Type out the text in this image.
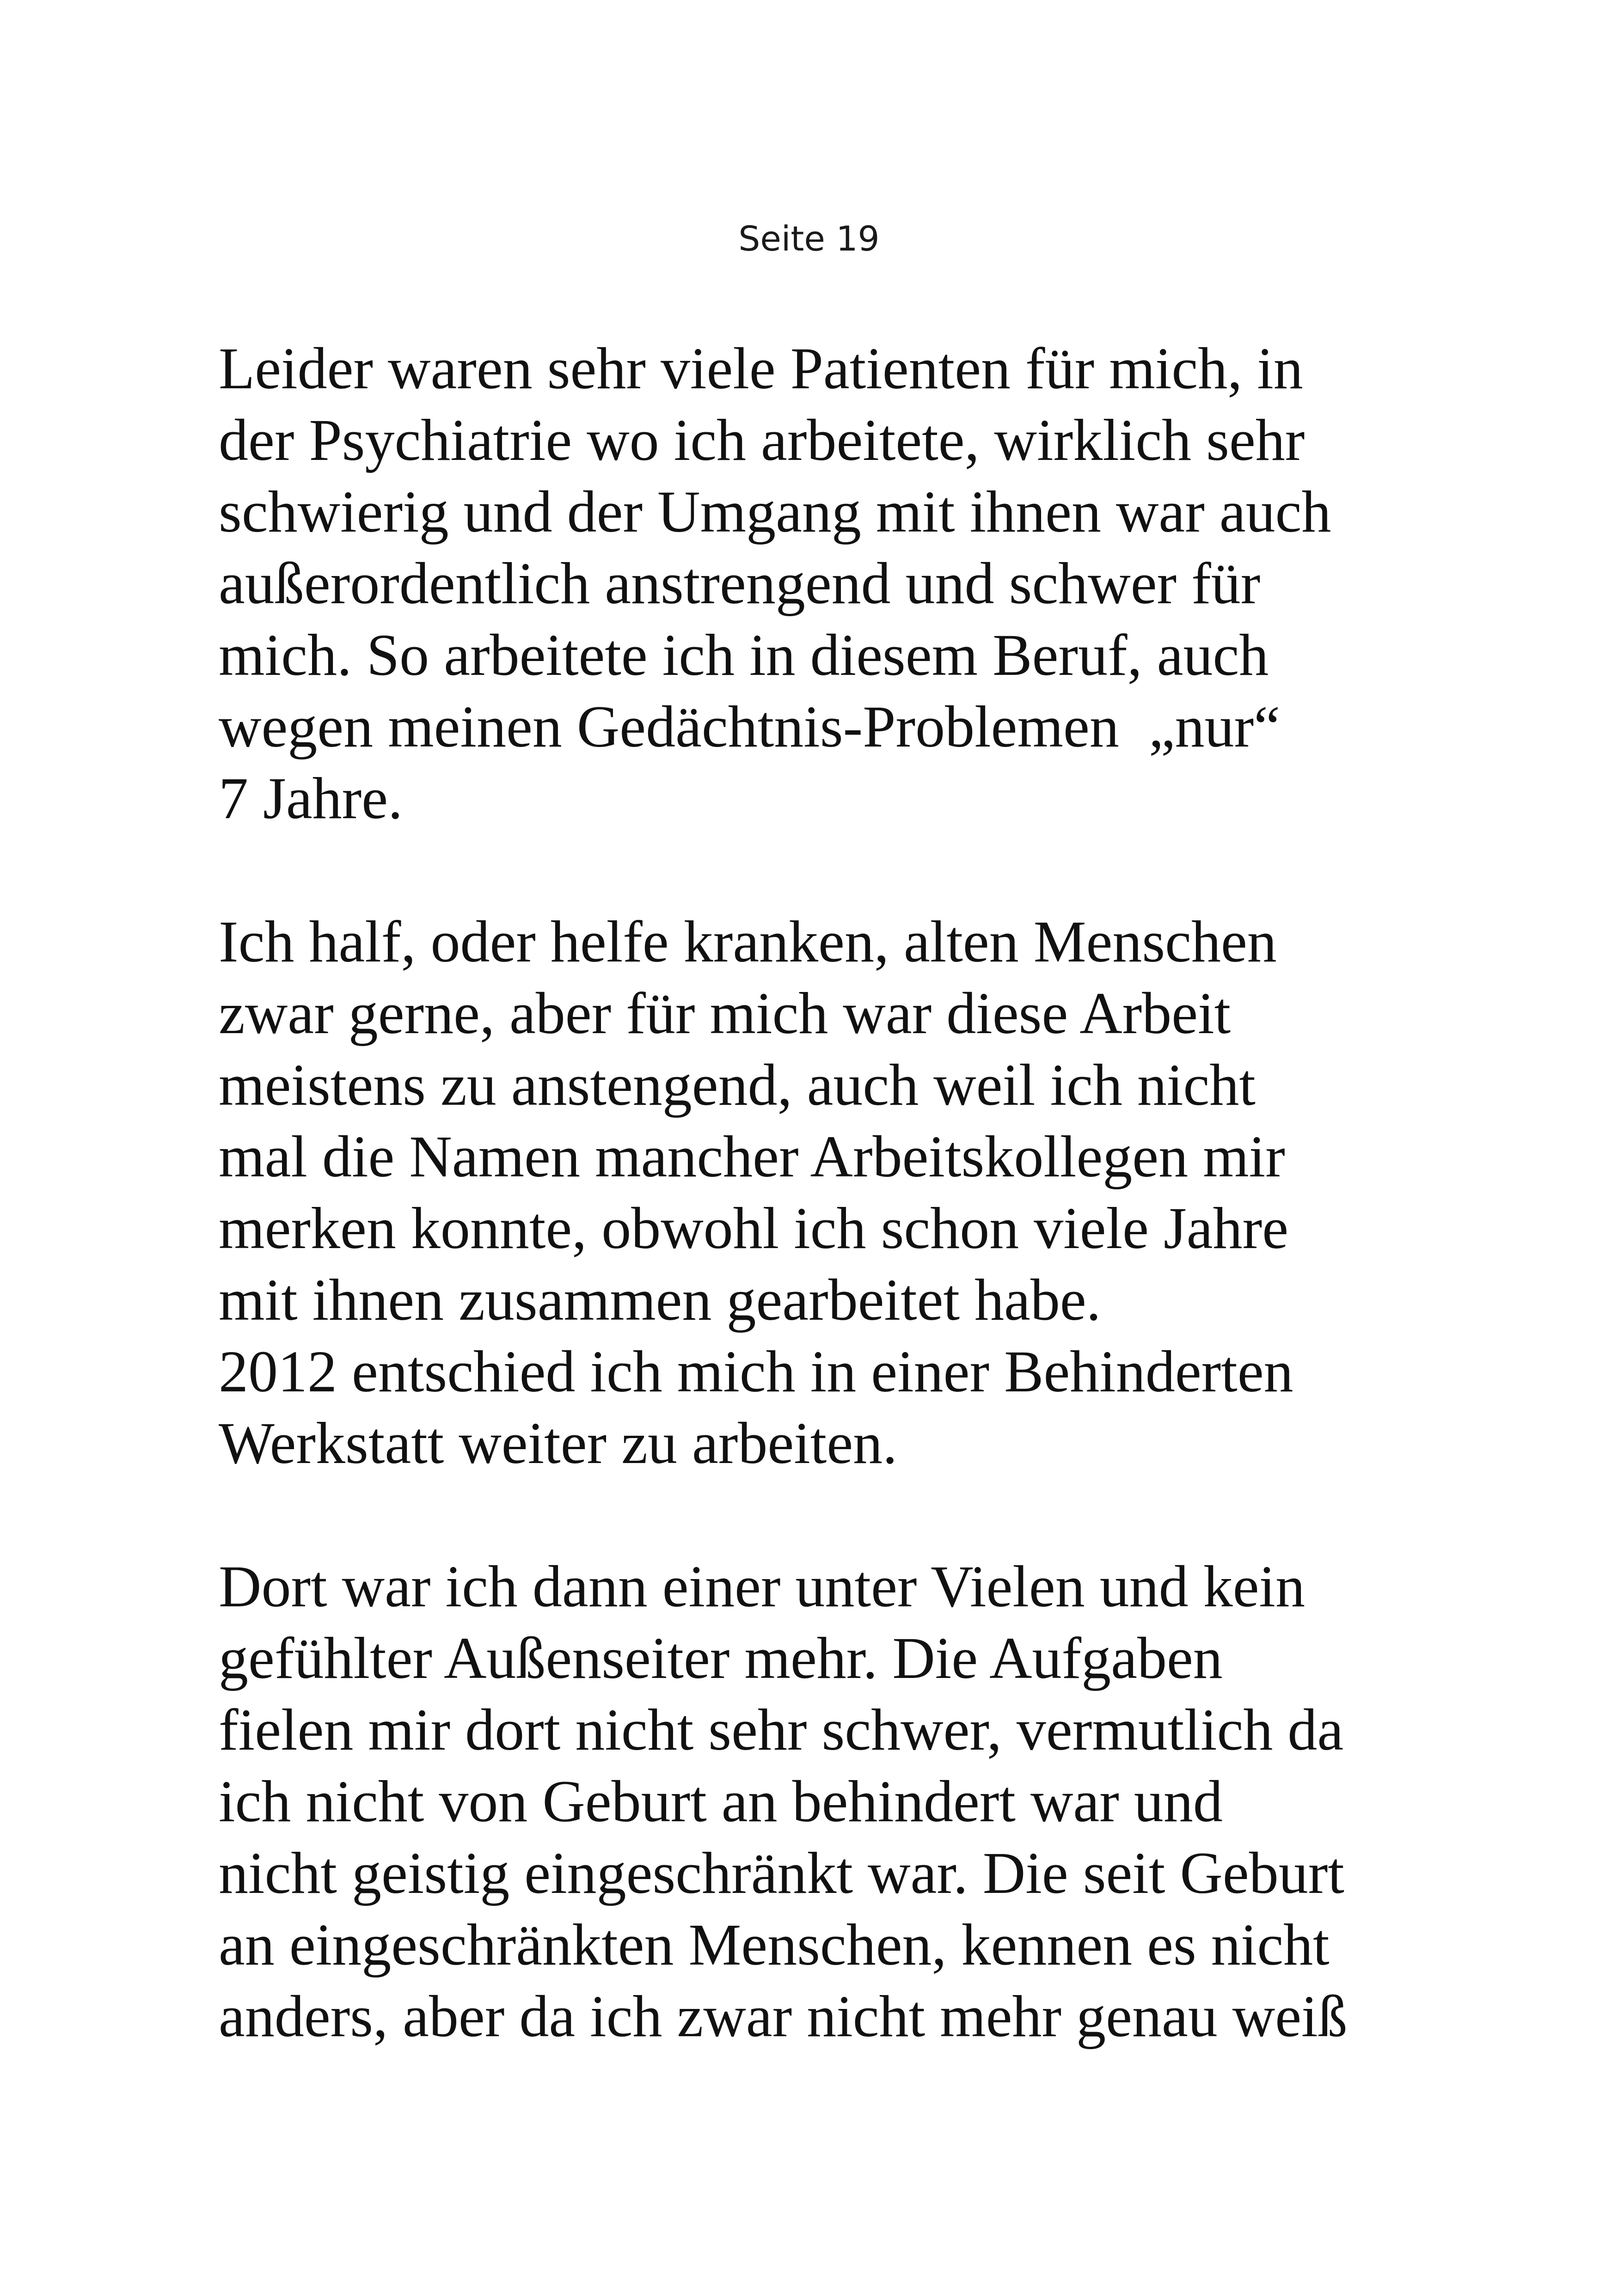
Seite 19
Leider waren sehr viele Patienten für mich, in
der Psychiatrie wo ich arbeitete, wirklich sehr
schwierig und der Umgang mit ihnen war auch
außerordentlich anstrengend und schwer für
mich. So arbeitete ich in diesem Beruf, auch
wegen meinen Gedächtnis-Problemen  „nur“
7 Jahre.
Ich half, oder helfe kranken, alten Menschen
zwar gerne, aber für mich war diese Arbeit
meistens zu anstengend, auch weil ich nicht
mal die Namen mancher Arbeitskollegen mir
merken konnte, obwohl ich schon viele Jahre
mit ihnen zusammen gearbeitet habe.
2012 entschied ich mich in einer Behinderten
Werkstatt weiter zu arbeiten.
Dort war ich dann einer unter Vielen und kein
gefühlter Außenseiter mehr. Die Aufgaben
fielen mir dort nicht sehr schwer, vermutlich da
ich nicht von Geburt an behindert war und
nicht geistig eingeschränkt war. Die seit Geburt
an eingeschränkten Menschen, kennen es nicht
anders, aber da ich zwar nicht mehr genau weiß
